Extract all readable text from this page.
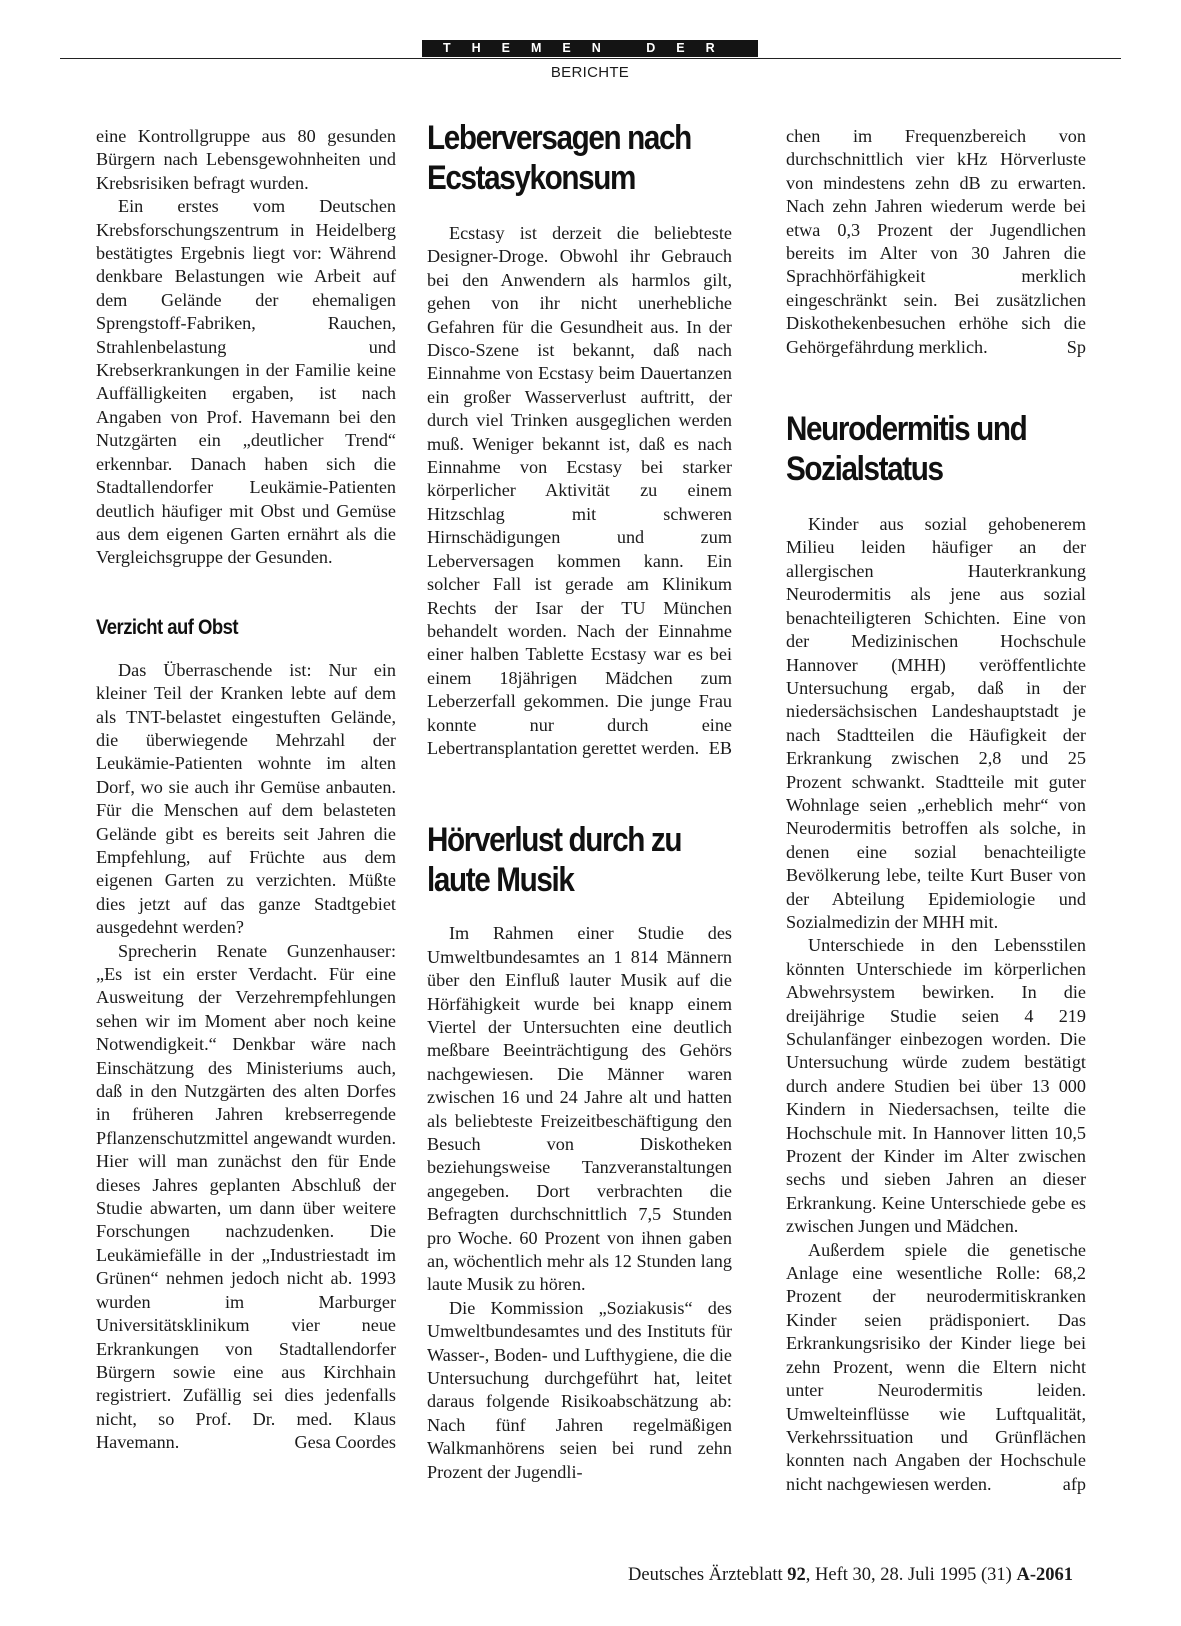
THEMEN DER ZEIT
BERICHTE

eine Kontrollgruppe aus 80 gesunden Bürgern nach Lebensgewohnheiten und Krebsrisiken befragt wurden.

Ein erstes vom Deutschen Krebsforschungszentrum in Heidelberg bestätigtes Ergebnis liegt vor: Während denkbare Belastungen wie Arbeit auf dem Gelände der ehemaligen Sprengstoff-Fabriken, Rauchen, Strahlenbelastung und Krebserkrankungen in der Familie keine Auffälligkeiten ergaben, ist nach Angaben von Prof. Havemann bei den Nutzgärten ein „deutlicher Trend“ erkennbar. Danach haben sich die Stadtallendorfer Leukämie-Patienten deutlich häufiger mit Obst und Gemüse aus dem eigenen Garten ernährt als die Vergleichsgruppe der Gesunden.

Verzicht auf Obst

Das Überraschende ist: Nur ein kleiner Teil der Kranken lebte auf dem als TNT-belastet eingestuften Gelände, die überwiegende Mehrzahl der Leukämie-Patienten wohnte im alten Dorf, wo sie auch ihr Gemüse anbauten. Für die Menschen auf dem belasteten Gelände gibt es bereits seit Jahren die Empfehlung, auf Früchte aus dem eigenen Garten zu verzichten. Müßte dies jetzt auf das ganze Stadtgebiet ausgedehnt werden?

Sprecherin Renate Gunzenhauser: „Es ist ein erster Verdacht. Für eine Ausweitung der Verzehrempfehlungen sehen wir im Moment aber noch keine Notwendigkeit.“ Denkbar wäre nach Einschätzung des Ministeriums auch, daß in den Nutzgärten des alten Dorfes in früheren Jahren krebserregende Pflanzenschutzmittel angewandt wurden. Hier will man zunächst den für Ende dieses Jahres geplanten Abschluß der Studie abwarten, um dann über weitere Forschungen nachzudenken. Die Leukämiefälle in der „Industriestadt im Grünen“ nehmen jedoch nicht ab. 1993 wurden im Marburger Universitätsklinikum vier neue Erkrankungen von Stadtallendorfer Bürgern sowie eine aus Kirchhain registriert. Zufällig sei dies jedenfalls nicht, so Prof. Dr. med. Klaus Havemann.	Gesa Coordes

Leberversagen nach Ecstasykonsum

Ecstasy ist derzeit die beliebteste Designer-Droge. Obwohl ihr Gebrauch bei den Anwendern als harmlos gilt, gehen von ihr nicht unerhebliche Gefahren für die Gesundheit aus. In der Disco-Szene ist bekannt, daß nach Einnahme von Ecstasy beim Dauertanzen ein großer Wasserverlust auftritt, der durch viel Trinken ausgeglichen werden muß. Weniger bekannt ist, daß es nach Einnahme von Ecstasy bei starker körperlicher Aktivität zu einem Hitzschlag mit schweren Hirnschädigungen und zum Leberversagen kommen kann. Ein solcher Fall ist gerade am Klinikum Rechts der Isar der TU München behandelt worden. Nach der Einnahme einer halben Tablette Ecstasy war es bei einem 18jährigen Mädchen zum Leberzerfall gekommen. Die junge Frau konnte nur durch eine Lebertransplantation gerettet werden. EB

Hörverlust durch zu laute Musik

Im Rahmen einer Studie des Umweltbundesamtes an 1 814 Männern über den Einfluß lauter Musik auf die Hörfähigkeit wurde bei knapp einem Viertel der Untersuchten eine deutlich meßbare Beeinträchtigung des Gehörs nachgewiesen. Die Männer waren zwischen 16 und 24 Jahre alt und hatten als beliebteste Freizeitbeschäftigung den Besuch von Diskotheken beziehungsweise Tanzveranstaltungen angegeben. Dort verbrachten die Befragten durchschnittlich 7,5 Stunden pro Woche. 60 Prozent von ihnen gaben an, wöchentlich mehr als 12 Stunden lang laute Musik zu hören.

Die Kommission „Soziakusis“ des Umweltbundesamtes und des Instituts für Wasser-, Boden- und Lufthygiene, die die Untersuchung durchgeführt hat, leitet daraus folgende Risikoabschätzung ab: Nach fünf Jahren regelmäßigen Walkmanhörens seien bei rund zehn Prozent der Jugendli-

chen im Frequenzbereich von durchschnittlich vier kHz Hörverluste von mindestens zehn dB zu erwarten. Nach zehn Jahren wiederum werde bei etwa 0,3 Prozent der Jugendlichen bereits im Alter von 30 Jahren die Sprachhörfähigkeit merklich eingeschränkt sein. Bei zusätzlichen Diskothekenbesuchen erhöhe sich die Gehörgefährdung merklich.	Sp

Neurodermitis und Sozialstatus

Kinder aus sozial gehobenerem Milieu leiden häufiger an der allergischen Hauterkrankung Neurodermitis als jene aus sozial benachteiligteren Schichten. Eine von der Medizinischen Hochschule Hannover (MHH) veröffentlichte Untersuchung ergab, daß in der niedersächsischen Landeshauptstadt je nach Stadtteilen die Häufigkeit der Erkrankung zwischen 2,8 und 25 Prozent schwankt. Stadtteile mit guter Wohnlage seien „erheblich mehr“ von Neurodermitis betroffen als solche, in denen eine sozial benachteiligte Bevölkerung lebe, teilte Kurt Buser von der Abteilung Epidemiologie und Sozialmedizin der MHH mit.

Unterschiede in den Lebensstilen könnten Unterschiede im körperlichen Abwehrsystem bewirken. In die dreijährige Studie seien 4 219 Schulanfänger einbezogen worden. Die Untersuchung würde zudem bestätigt durch andere Studien bei über 13 000 Kindern in Niedersachsen, teilte die Hochschule mit. In Hannover litten 10,5 Prozent der Kinder im Alter zwischen sechs und sieben Jahren an dieser Erkrankung. Keine Unterschiede gebe es zwischen Jungen und Mädchen.

Außerdem spiele die genetische Anlage eine wesentliche Rolle: 68,2 Prozent der neurodermitiskranken Kinder seien prädisponiert. Das Erkrankungsrisiko der Kinder liege bei zehn Prozent, wenn die Eltern nicht unter Neurodermitis leiden. Umwelteinflüsse wie Luftqualität, Verkehrssituation und Grünflächen konnten nach Angaben der Hochschule nicht nachgewiesen werden.	afp

Deutsches Ärzteblatt 92, Heft 30, 28. Juli 1995 (31) A-2061
